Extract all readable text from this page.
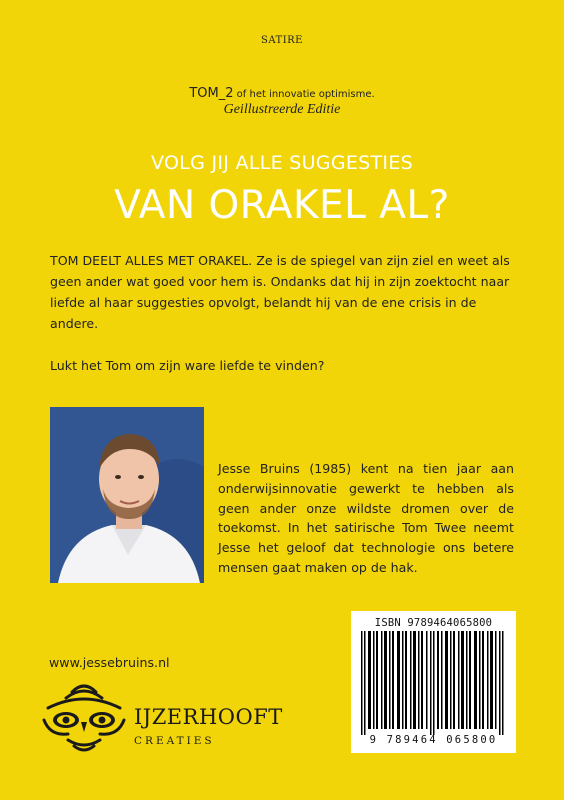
SATIRE
TOM_2 of het innovatie optimisme.
Geillustreerde Editie
VOLG JIJ ALLE SUGGESTIES
VAN ORAKEL AL?

TOM DEELT ALLES MET ORAKEL. Ze is de spiegel van zijn ziel en weet als geen ander wat goed voor hem is. Ondanks dat hij in zijn zoektocht naar liefde al haar suggesties opvolgt, belandt hij van de ene crisis in de andere.

Lukt het Tom om zijn ware liefde te vinden?

Jesse Bruins (1985) kent na tien jaar aan onderwijsinnovatie gewerkt te hebben als geen ander onze wildste dromen over de toekomst. In het satirische Tom Twee neemt Jesse het geloof dat technologie ons betere mensen gaat maken op de hak.
ISBN 9789464065800
9 789464 065800
www.jessebruins.nl
IJZERHOOFT
CREATIES
